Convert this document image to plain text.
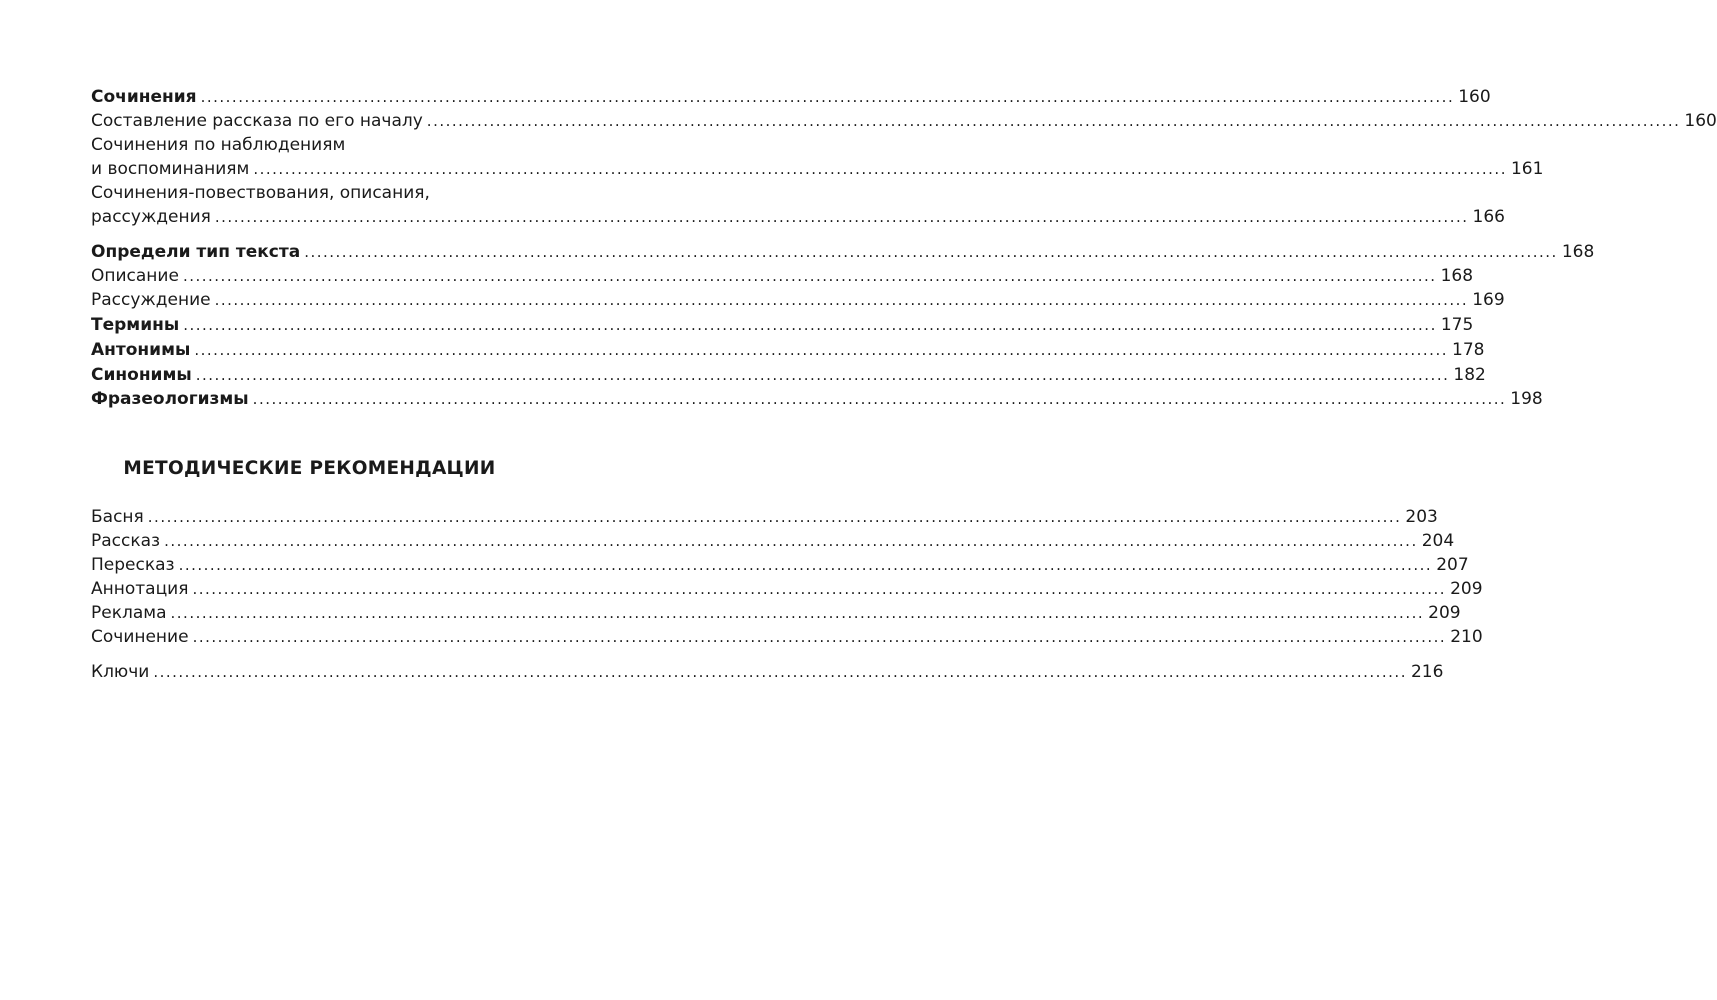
Сочинения ........................................................................................................................................................................................................ 160
Составление рассказа по его началу ........................................................................................................................................................................................................ 160
Сочинения по наблюдениям
и воспоминаниям ........................................................................................................................................................................................................ 161
Сочинения-повествования, описания,
рассуждения ........................................................................................................................................................................................................ 166
Определи тип текста ........................................................................................................................................................................................................ 168
Описание ........................................................................................................................................................................................................ 168
Рассуждение ........................................................................................................................................................................................................ 169
Термины ........................................................................................................................................................................................................ 175
Антонимы ........................................................................................................................................................................................................ 178
Синонимы ........................................................................................................................................................................................................ 182
Фразеологизмы ........................................................................................................................................................................................................ 198
МЕТОДИЧЕСКИЕ РЕКОМЕНДАЦИИ
Басня ........................................................................................................................................................................................................ 203
Рассказ ........................................................................................................................................................................................................ 204
Пересказ ........................................................................................................................................................................................................ 207
Аннотация ........................................................................................................................................................................................................ 209
Реклама ........................................................................................................................................................................................................ 209
Сочинение ........................................................................................................................................................................................................ 210
Ключи ........................................................................................................................................................................................................ 216
